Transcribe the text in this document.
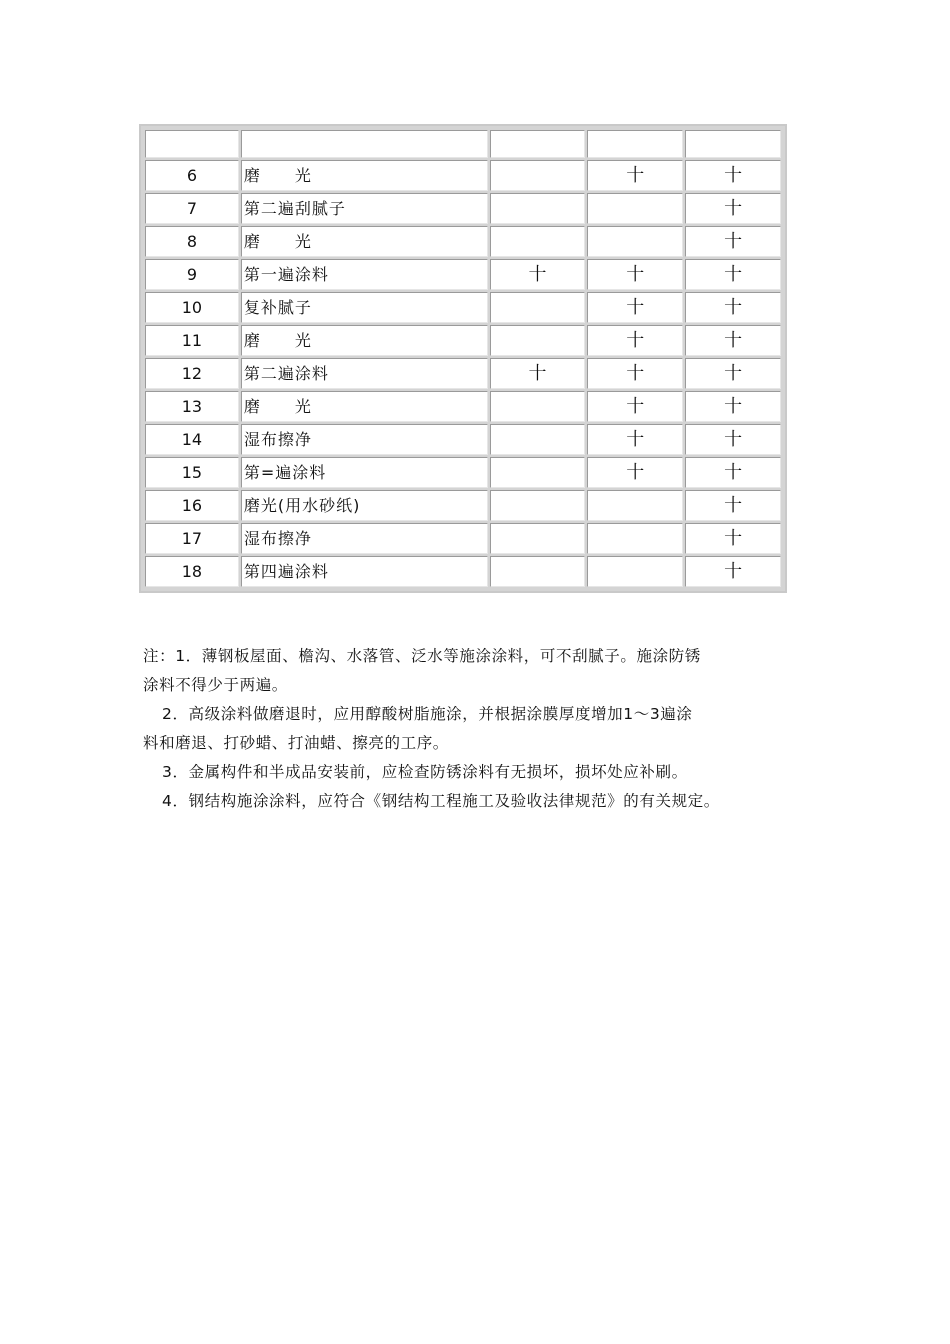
6	磨　　光		十	十
7	第二遍刮腻子			十
8	磨　　光			十
9	第一遍涂料	十	十	十
10	复补腻子		十	十
11	磨　　光		十	十
12	第二遍涂料	十	十	十
13	磨　　光		十	十
14	湿布擦净		十	十
15	第=遍涂料		十	十
16	磨光(用水砂纸)			十
17	湿布擦净			十
18	第四遍涂料			十

注：1．薄钢板屋面、檐沟、水落管、泛水等施涂涂料，可不刮腻子。施涂防锈

涂料不得少于两遍。

2．高级涂料做磨退时，应用醇酸树脂施涂，并根据涂膜厚度增加1～3遍涂

料和磨退、打砂蜡、打油蜡、擦亮的工序。

3．金属构件和半成品安装前，应检查防锈涂料有无损坏，损坏处应补刷。

4．钢结构施涂涂料，应符合《钢结构工程施工及验收法律规范》的有关规定。
